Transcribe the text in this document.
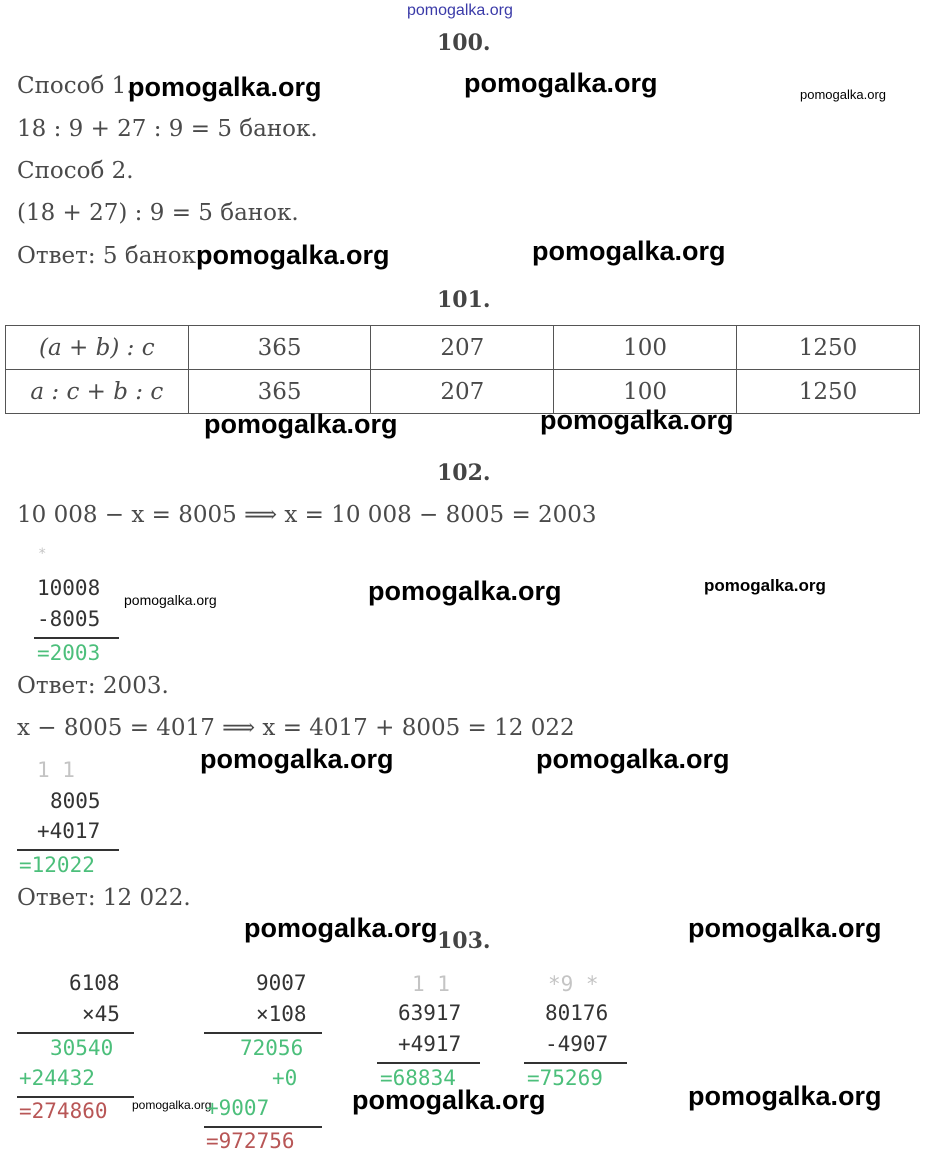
pomogalka.org
100.
Способ 1.
18 : 9 + 27 : 9 = 5 банок.
Способ 2.
(18 + 27) : 9 = 5 банок.
Ответ: 5 банок.
pomogalka.org	pomogalka.org	pomogalka.org
pomogalka.org	pomogalka.org
101.
(a + b) : c	365	207	100	1250
a : c + b : c	365	207	100	1250
pomogalka.org	pomogalka.org
102.
10 008 − x = 8005 ⟹ x = 10 008 − 8005 = 2003
*
10008
-8005
=2003
pomogalka.org	pomogalka.org	pomogalka.org
Ответ: 2003.
x − 8005 = 4017 ⟹ x = 4017 + 8005 = 12 022
1 1	pomogalka.org	pomogalka.org
8005
+4017
=12022
Ответ: 12 022.
103.
pomogalka.org	pomogalka.org
6108
×45
30540
+24432
=274860 pomogalka.org
9007
×108
72056
+0
+9007
=972756
1 1
63917
+4917
=68834
*9 *
80176
-4907
=75269
pomogalka.org	pomogalka.org
